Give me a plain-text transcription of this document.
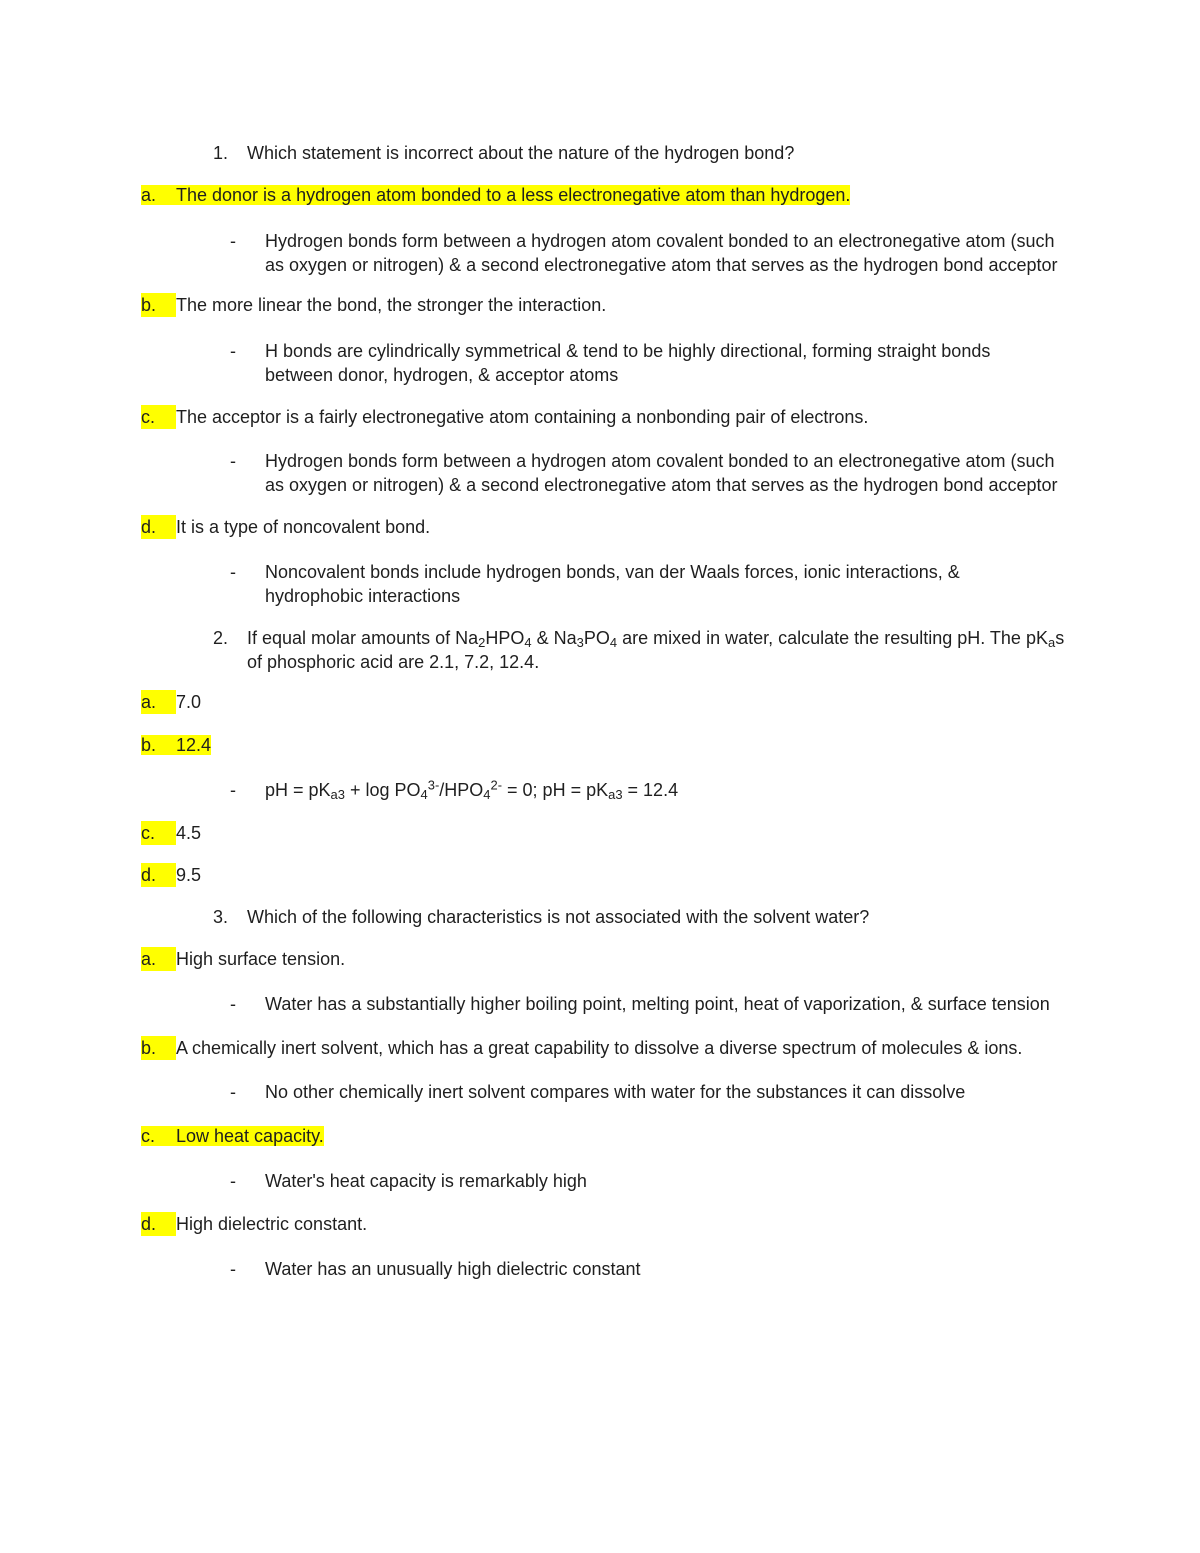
1. Which statement is incorrect about the nature of the hydrogen bond?
a. The donor is a hydrogen atom bonded to a less electronegative atom than hydrogen.
- Hydrogen bonds form between a hydrogen atom covalent bonded to an electronegative atom (such
as oxygen or nitrogen) & a second electronegative atom that serves as the hydrogen bond acceptor
b. The more linear the bond, the stronger the interaction.
- H bonds are cylindrically symmetrical & tend to be highly directional, forming straight bonds
between donor, hydrogen, & acceptor atoms
c. The acceptor is a fairly electronegative atom containing a nonbonding pair of electrons.
- Hydrogen bonds form between a hydrogen atom covalent bonded to an electronegative atom (such
as oxygen or nitrogen) & a second electronegative atom that serves as the hydrogen bond acceptor
d. It is a type of noncovalent bond.
- Noncovalent bonds include hydrogen bonds, van der Waals forces, ionic interactions, &
hydrophobic interactions
2. If equal molar amounts of $Na_2HPO_4$ & $Na_3PO_4$ are mixed in water, calculate the resulting pH. The $pK_as$
of phosphoric acid are 2.1, 7.2, 12.4.
a. 7.0
b. 12.4
- pH = $pK_{a3} + \log PO_4^{3-}/HPO_4^{2-} = 0$; pH = $pK_{a3} = 12.4$
c. 4.5
d. 9.5
3. Which of the following characteristics is not associated with the solvent water?
a. High surface tension.
- Water has a substantially higher boiling point, melting point, heat of vaporization, & surface tension
b. A chemically inert solvent, which has a great capability to dissolve a diverse spectrum of molecules & ions.
- No other chemically inert solvent compares with water for the substances it can dissolve
c. Low heat capacity.
- Water's heat capacity is remarkably high
d. High dielectric constant.
- Water has an unusually high dielectric constant
